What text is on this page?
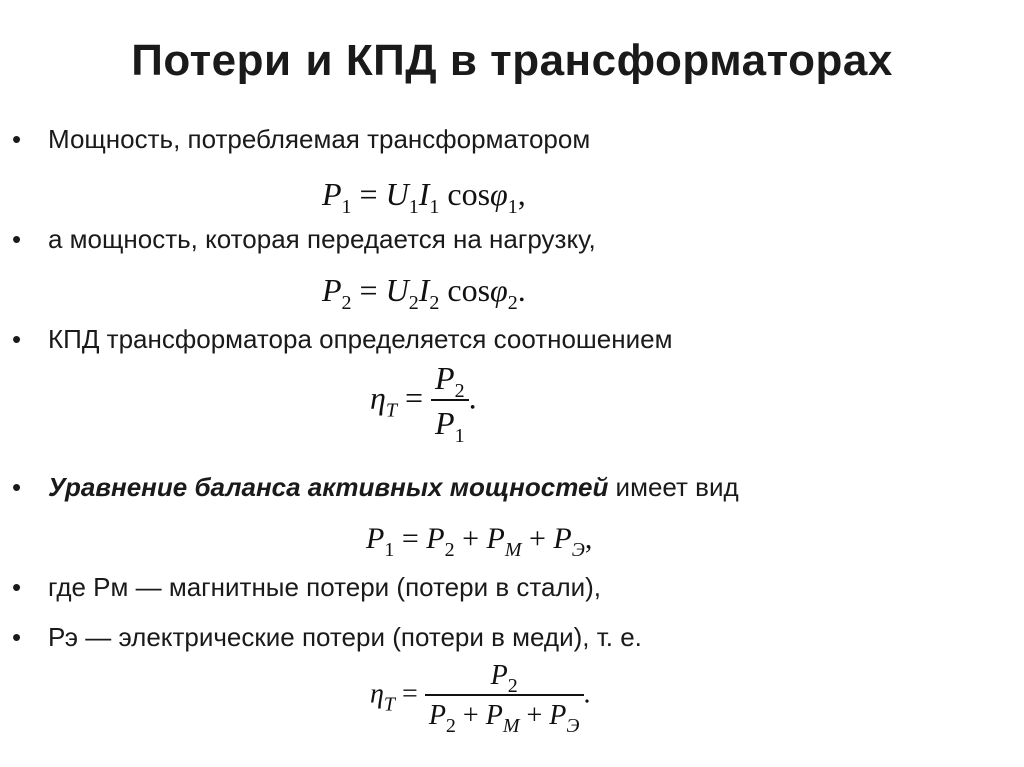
Потери и КПД в трансформаторах
• Мощность, потребляемая трансформатором
$P_1 = U_1I_1$ cosφ$_1$,
• а мощность, которая передается на нагрузку,
$P_2 = U_2I_2$ cosφ$_2$.
• КПД трансформатора определяется соотношением
$\eta_T = \frac{P_2}{P_1}$ .
• Уравнение баланса активных мощностей имеет вид
$P_1 = P_2 + P_M + P_Э$,
• где Рм — магнитные потери (потери в стали),
• Рэ — электрические потери (потери в меди), т. е.
$\eta_T = \frac{P_2}{P_2 + P_M + P_Э}$ .
